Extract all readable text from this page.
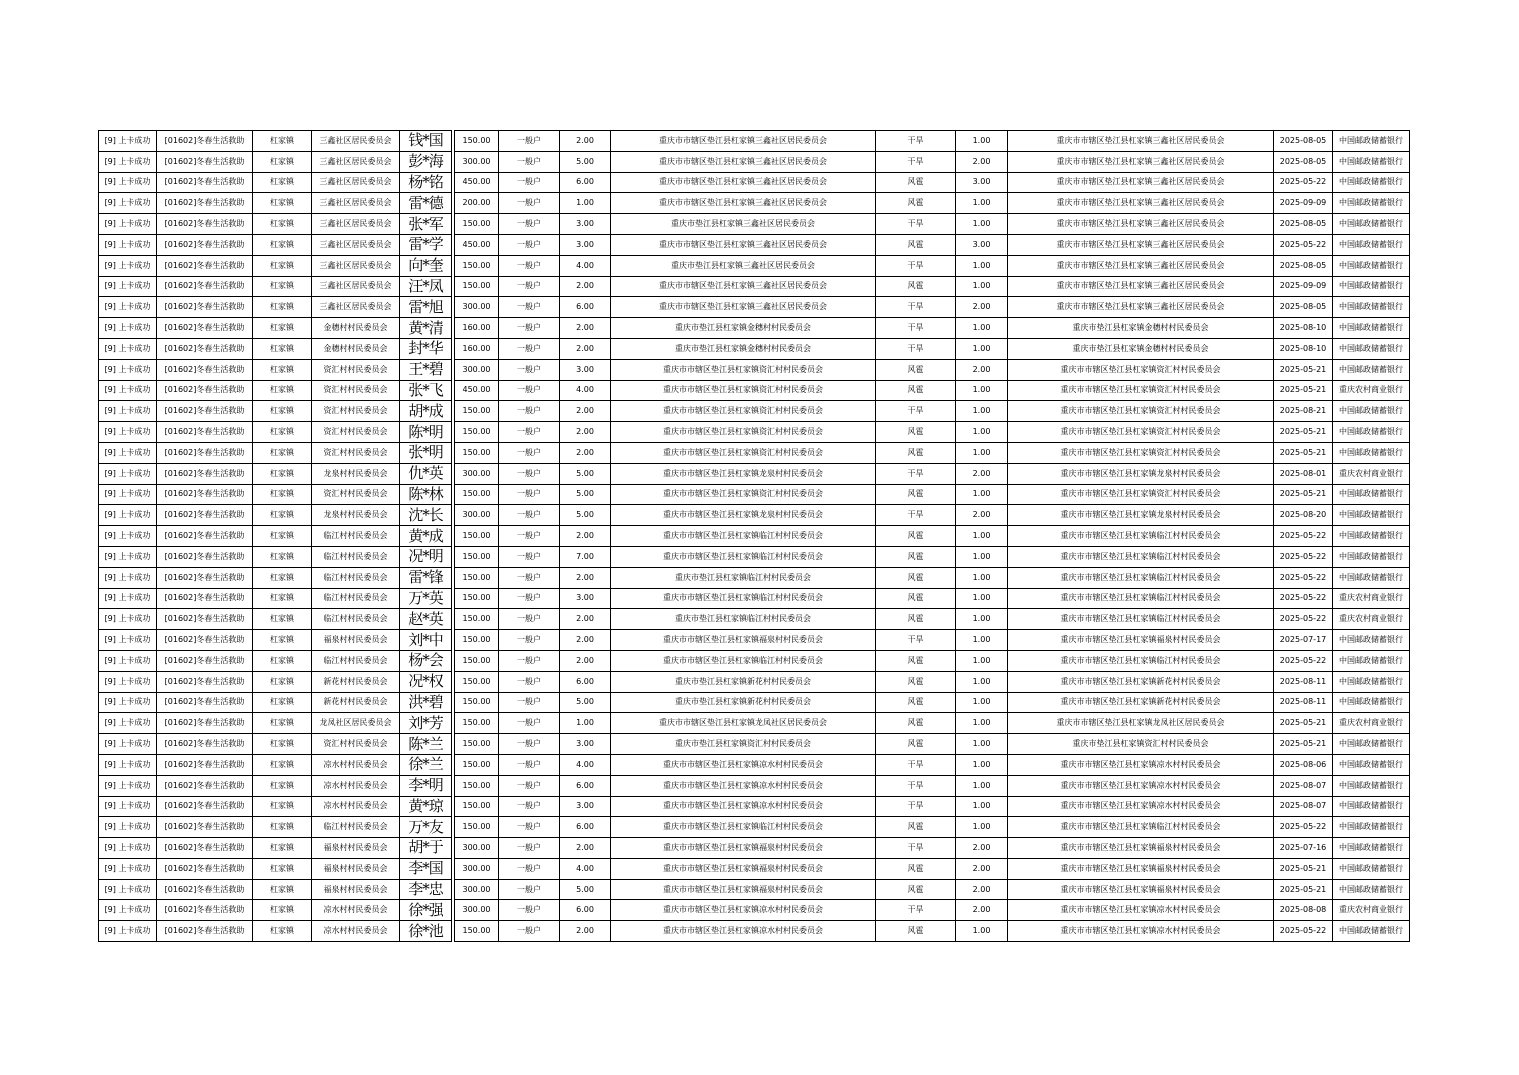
[9] 上卡成功	[01602]冬春生活救助	杠家镇	三鑫社区居民委员会	钱*国		150.00	一般户	2.00	重庆市市辖区垫江县杠家镇三鑫社区居民委员会	干旱	1.00	重庆市市辖区垫江县杠家镇三鑫社区居民委员会	2025-08-05	中国邮政储蓄银行
[9] 上卡成功	[01602]冬春生活救助	杠家镇	三鑫社区居民委员会	彭*海		300.00	一般户	5.00	重庆市市辖区垫江县杠家镇三鑫社区居民委员会	干旱	2.00	重庆市市辖区垫江县杠家镇三鑫社区居民委员会	2025-08-05	中国邮政储蓄银行
[9] 上卡成功	[01602]冬春生活救助	杠家镇	三鑫社区居民委员会	杨*铭		450.00	一般户	6.00	重庆市市辖区垫江县杠家镇三鑫社区居民委员会	风雹	3.00	重庆市市辖区垫江县杠家镇三鑫社区居民委员会	2025-05-22	中国邮政储蓄银行
[9] 上卡成功	[01602]冬春生活救助	杠家镇	三鑫社区居民委员会	雷*德		200.00	一般户	1.00	重庆市市辖区垫江县杠家镇三鑫社区居民委员会	风雹	1.00	重庆市市辖区垫江县杠家镇三鑫社区居民委员会	2025-09-09	中国邮政储蓄银行
[9] 上卡成功	[01602]冬春生活救助	杠家镇	三鑫社区居民委员会	张*军		150.00	一般户	3.00	重庆市垫江县杠家镇三鑫社区居民委员会	干旱	1.00	重庆市市辖区垫江县杠家镇三鑫社区居民委员会	2025-08-05	中国邮政储蓄银行
[9] 上卡成功	[01602]冬春生活救助	杠家镇	三鑫社区居民委员会	雷*学		450.00	一般户	3.00	重庆市市辖区垫江县杠家镇三鑫社区居民委员会	风雹	3.00	重庆市市辖区垫江县杠家镇三鑫社区居民委员会	2025-05-22	中国邮政储蓄银行
[9] 上卡成功	[01602]冬春生活救助	杠家镇	三鑫社区居民委员会	向*奎		150.00	一般户	4.00	重庆市垫江县杠家镇三鑫社区居民委员会	干旱	1.00	重庆市市辖区垫江县杠家镇三鑫社区居民委员会	2025-08-05	中国邮政储蓄银行
[9] 上卡成功	[01602]冬春生活救助	杠家镇	三鑫社区居民委员会	汪*凤		150.00	一般户	2.00	重庆市市辖区垫江县杠家镇三鑫社区居民委员会	风雹	1.00	重庆市市辖区垫江县杠家镇三鑫社区居民委员会	2025-09-09	中国邮政储蓄银行
[9] 上卡成功	[01602]冬春生活救助	杠家镇	三鑫社区居民委员会	雷*旭		300.00	一般户	6.00	重庆市市辖区垫江县杠家镇三鑫社区居民委员会	干旱	2.00	重庆市市辖区垫江县杠家镇三鑫社区居民委员会	2025-08-05	中国邮政储蓄银行
[9] 上卡成功	[01602]冬春生活救助	杠家镇	金穗村村民委员会	黄*清		160.00	一般户	2.00	重庆市垫江县杠家镇金穗村村民委员会	干旱	1.00	重庆市垫江县杠家镇金穗村村民委员会	2025-08-10	中国邮政储蓄银行
[9] 上卡成功	[01602]冬春生活救助	杠家镇	金穗村村民委员会	封*华		160.00	一般户	2.00	重庆市垫江县杠家镇金穗村村民委员会	干旱	1.00	重庆市垫江县杠家镇金穗村村民委员会	2025-08-10	中国邮政储蓄银行
[9] 上卡成功	[01602]冬春生活救助	杠家镇	资汇村村民委员会	王*碧		300.00	一般户	3.00	重庆市市辖区垫江县杠家镇资汇村村民委员会	风雹	2.00	重庆市市辖区垫江县杠家镇资汇村村民委员会	2025-05-21	中国邮政储蓄银行
[9] 上卡成功	[01602]冬春生活救助	杠家镇	资汇村村民委员会	张*飞		450.00	一般户	4.00	重庆市市辖区垫江县杠家镇资汇村村民委员会	风雹	1.00	重庆市市辖区垫江县杠家镇资汇村村民委员会	2025-05-21	重庆农村商业银行
[9] 上卡成功	[01602]冬春生活救助	杠家镇	资汇村村民委员会	胡*成		150.00	一般户	2.00	重庆市市辖区垫江县杠家镇资汇村村民委员会	干旱	1.00	重庆市市辖区垫江县杠家镇资汇村村民委员会	2025-08-21	中国邮政储蓄银行
[9] 上卡成功	[01602]冬春生活救助	杠家镇	资汇村村民委员会	陈*明		150.00	一般户	2.00	重庆市市辖区垫江县杠家镇资汇村村民委员会	风雹	1.00	重庆市市辖区垫江县杠家镇资汇村村民委员会	2025-05-21	中国邮政储蓄银行
[9] 上卡成功	[01602]冬春生活救助	杠家镇	资汇村村民委员会	张*明		150.00	一般户	2.00	重庆市市辖区垫江县杠家镇资汇村村民委员会	风雹	1.00	重庆市市辖区垫江县杠家镇资汇村村民委员会	2025-05-21	中国邮政储蓄银行
[9] 上卡成功	[01602]冬春生活救助	杠家镇	龙泉村村民委员会	仇*英		300.00	一般户	5.00	重庆市市辖区垫江县杠家镇龙泉村村民委员会	干旱	2.00	重庆市市辖区垫江县杠家镇龙泉村村民委员会	2025-08-01	重庆农村商业银行
[9] 上卡成功	[01602]冬春生活救助	杠家镇	资汇村村民委员会	陈*林		150.00	一般户	5.00	重庆市市辖区垫江县杠家镇资汇村村民委员会	风雹	1.00	重庆市市辖区垫江县杠家镇资汇村村民委员会	2025-05-21	中国邮政储蓄银行
[9] 上卡成功	[01602]冬春生活救助	杠家镇	龙泉村村民委员会	沈*长		300.00	一般户	5.00	重庆市市辖区垫江县杠家镇龙泉村村民委员会	干旱	2.00	重庆市市辖区垫江县杠家镇龙泉村村民委员会	2025-08-20	中国邮政储蓄银行
[9] 上卡成功	[01602]冬春生活救助	杠家镇	临江村村民委员会	黄*成		150.00	一般户	2.00	重庆市市辖区垫江县杠家镇临江村村民委员会	风雹	1.00	重庆市市辖区垫江县杠家镇临江村村民委员会	2025-05-22	中国邮政储蓄银行
[9] 上卡成功	[01602]冬春生活救助	杠家镇	临江村村民委员会	况*明		150.00	一般户	7.00	重庆市市辖区垫江县杠家镇临江村村民委员会	风雹	1.00	重庆市市辖区垫江县杠家镇临江村村民委员会	2025-05-22	中国邮政储蓄银行
[9] 上卡成功	[01602]冬春生活救助	杠家镇	临江村村民委员会	雷*锋		150.00	一般户	2.00	重庆市垫江县杠家镇临江村村民委员会	风雹	1.00	重庆市市辖区垫江县杠家镇临江村村民委员会	2025-05-22	中国邮政储蓄银行
[9] 上卡成功	[01602]冬春生活救助	杠家镇	临江村村民委员会	万*英		150.00	一般户	3.00	重庆市市辖区垫江县杠家镇临江村村民委员会	风雹	1.00	重庆市市辖区垫江县杠家镇临江村村民委员会	2025-05-22	重庆农村商业银行
[9] 上卡成功	[01602]冬春生活救助	杠家镇	临江村村民委员会	赵*英		150.00	一般户	2.00	重庆市垫江县杠家镇临江村村民委员会	风雹	1.00	重庆市市辖区垫江县杠家镇临江村村民委员会	2025-05-22	重庆农村商业银行
[9] 上卡成功	[01602]冬春生活救助	杠家镇	福泉村村民委员会	刘*中		150.00	一般户	2.00	重庆市市辖区垫江县杠家镇福泉村村民委员会	干旱	1.00	重庆市市辖区垫江县杠家镇福泉村村民委员会	2025-07-17	中国邮政储蓄银行
[9] 上卡成功	[01602]冬春生活救助	杠家镇	临江村村民委员会	杨*会		150.00	一般户	2.00	重庆市市辖区垫江县杠家镇临江村村民委员会	风雹	1.00	重庆市市辖区垫江县杠家镇临江村村民委员会	2025-05-22	中国邮政储蓄银行
[9] 上卡成功	[01602]冬春生活救助	杠家镇	新花村村民委员会	况*权		150.00	一般户	6.00	重庆市垫江县杠家镇新花村村民委员会	风雹	1.00	重庆市市辖区垫江县杠家镇新花村村民委员会	2025-08-11	中国邮政储蓄银行
[9] 上卡成功	[01602]冬春生活救助	杠家镇	新花村村民委员会	洪*碧		150.00	一般户	5.00	重庆市垫江县杠家镇新花村村民委员会	风雹	1.00	重庆市市辖区垫江县杠家镇新花村村民委员会	2025-08-11	中国邮政储蓄银行
[9] 上卡成功	[01602]冬春生活救助	杠家镇	龙凤社区居民委员会	刘*芳		150.00	一般户	1.00	重庆市市辖区垫江县杠家镇龙凤社区居民委员会	风雹	1.00	重庆市市辖区垫江县杠家镇龙凤社区居民委员会	2025-05-21	重庆农村商业银行
[9] 上卡成功	[01602]冬春生活救助	杠家镇	资汇村村民委员会	陈*兰		150.00	一般户	3.00	重庆市垫江县杠家镇资汇村村民委员会	风雹	1.00	重庆市垫江县杠家镇资汇村村民委员会	2025-05-21	中国邮政储蓄银行
[9] 上卡成功	[01602]冬春生活救助	杠家镇	凉水村村民委员会	徐*兰		150.00	一般户	4.00	重庆市市辖区垫江县杠家镇凉水村村民委员会	干旱	1.00	重庆市市辖区垫江县杠家镇凉水村村民委员会	2025-08-06	中国邮政储蓄银行
[9] 上卡成功	[01602]冬春生活救助	杠家镇	凉水村村民委员会	李*明		150.00	一般户	6.00	重庆市市辖区垫江县杠家镇凉水村村民委员会	干旱	1.00	重庆市市辖区垫江县杠家镇凉水村村民委员会	2025-08-07	中国邮政储蓄银行
[9] 上卡成功	[01602]冬春生活救助	杠家镇	凉水村村民委员会	黄*琼		150.00	一般户	3.00	重庆市市辖区垫江县杠家镇凉水村村民委员会	干旱	1.00	重庆市市辖区垫江县杠家镇凉水村村民委员会	2025-08-07	中国邮政储蓄银行
[9] 上卡成功	[01602]冬春生活救助	杠家镇	临江村村民委员会	万*友		150.00	一般户	6.00	重庆市市辖区垫江县杠家镇临江村村民委员会	风雹	1.00	重庆市市辖区垫江县杠家镇临江村村民委员会	2025-05-22	中国邮政储蓄银行
[9] 上卡成功	[01602]冬春生活救助	杠家镇	福泉村村民委员会	胡*于		300.00	一般户	2.00	重庆市市辖区垫江县杠家镇福泉村村民委员会	干旱	2.00	重庆市市辖区垫江县杠家镇福泉村村民委员会	2025-07-16	中国邮政储蓄银行
[9] 上卡成功	[01602]冬春生活救助	杠家镇	福泉村村民委员会	李*国		300.00	一般户	4.00	重庆市市辖区垫江县杠家镇福泉村村民委员会	风雹	2.00	重庆市市辖区垫江县杠家镇福泉村村民委员会	2025-05-21	中国邮政储蓄银行
[9] 上卡成功	[01602]冬春生活救助	杠家镇	福泉村村民委员会	李*忠		300.00	一般户	5.00	重庆市市辖区垫江县杠家镇福泉村村民委员会	风雹	2.00	重庆市市辖区垫江县杠家镇福泉村村民委员会	2025-05-21	中国邮政储蓄银行
[9] 上卡成功	[01602]冬春生活救助	杠家镇	凉水村村民委员会	徐*强		300.00	一般户	6.00	重庆市市辖区垫江县杠家镇凉水村村民委员会	干旱	2.00	重庆市市辖区垫江县杠家镇凉水村村民委员会	2025-08-08	重庆农村商业银行
[9] 上卡成功	[01602]冬春生活救助	杠家镇	凉水村村民委员会	徐*池		150.00	一般户	2.00	重庆市市辖区垫江县杠家镇凉水村村民委员会	风雹	1.00	重庆市市辖区垫江县杠家镇凉水村村民委员会	2025-05-22	中国邮政储蓄银行
